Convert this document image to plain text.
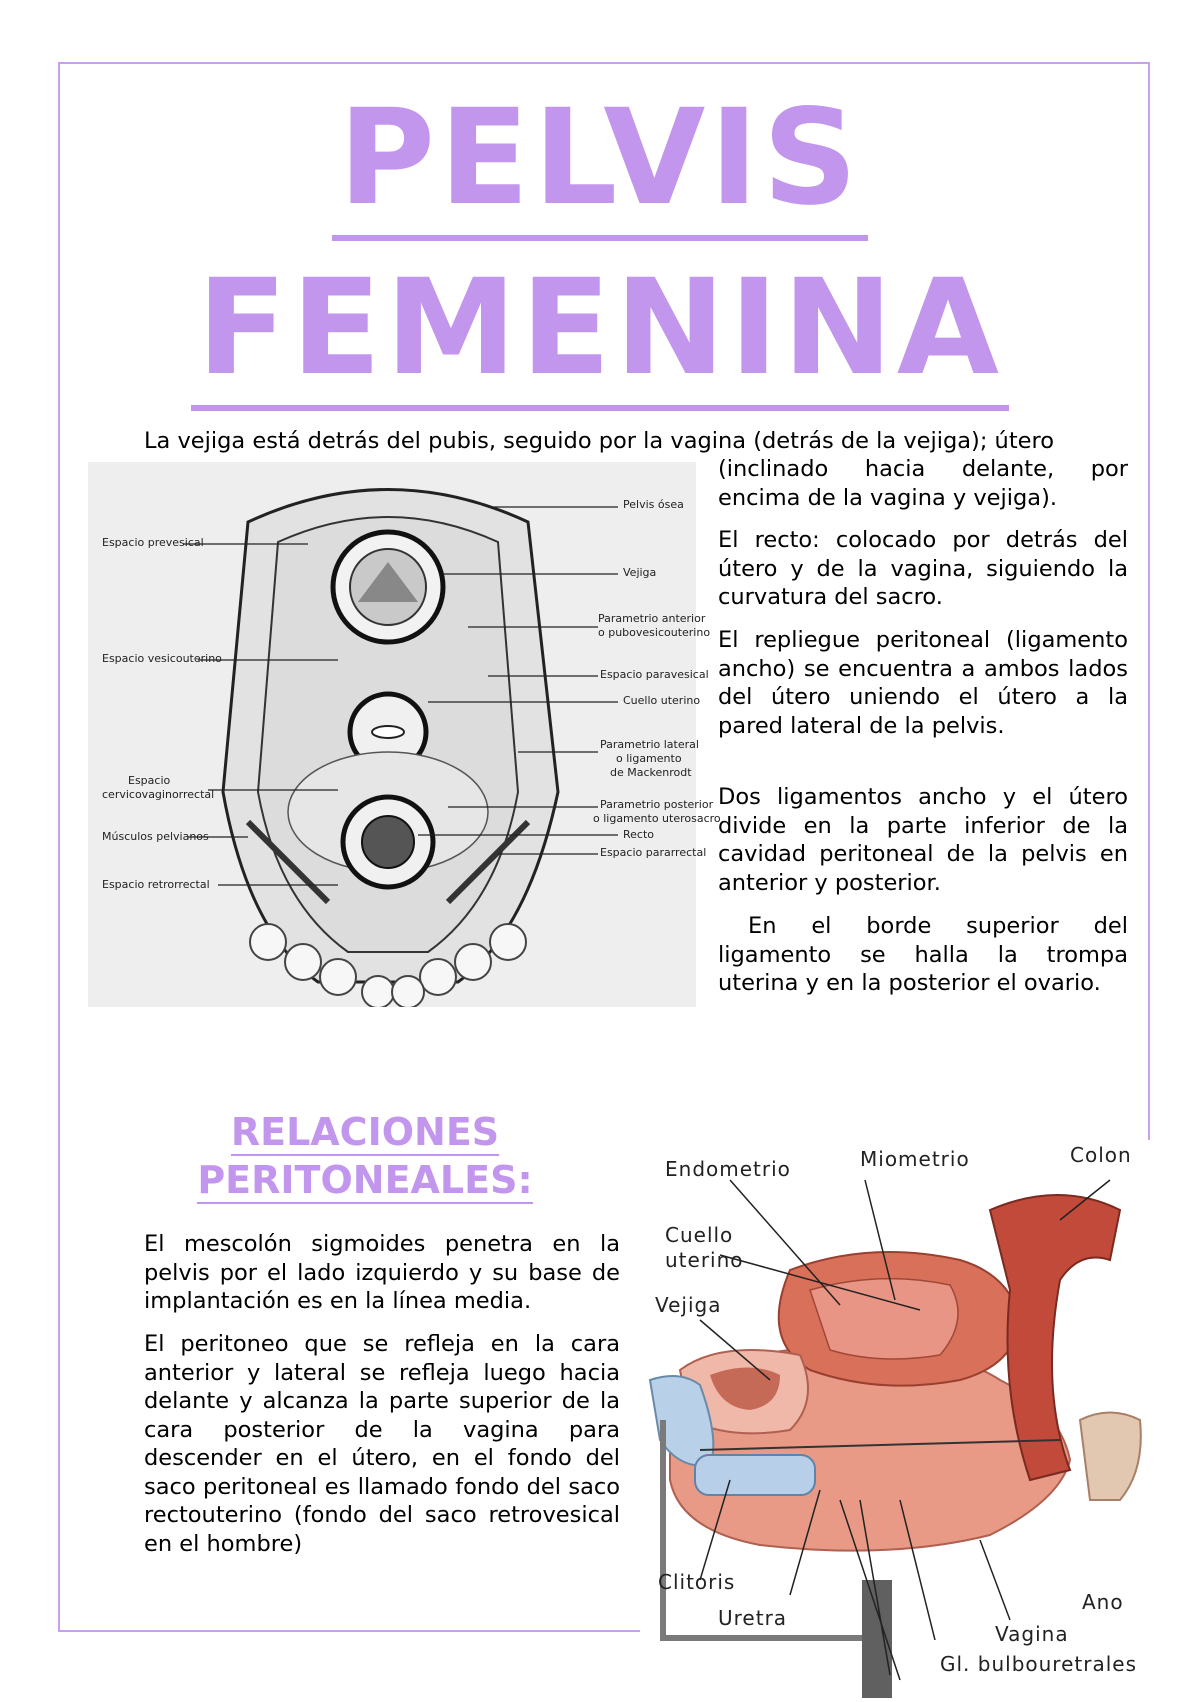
PELVIS
FEMENINA

La vejiga está detrás del pubis, seguido por la vagina (detrás de la vejiga); útero

(inclinado hacia delante, por

encima de la vagina y vejiga).

El recto: colocado por detrás del útero y de la vagina, siguiendo la curvatura del sacro.

El repliegue peritoneal (ligamento ancho) se encuentra a ambos lados del útero uniendo el útero a la pared lateral de la pelvis.

Dos ligamentos ancho y el útero divide en la parte inferior de la cavidad peritoneal de la pelvis en anterior y posterior.

En el borde superior del ligamento se halla la trompa uterina y en la posterior el ovario.

Pelvis ósea
Espacio prevesical
Vejiga
Parametrio anterior
o pubovesicouterino
Espacio vesicouterino
Espacio paravesical
Cuello uterino
Parametrio lateral
o ligamento
de Mackenrodt
Espacio
cervicovaginorrectal
Parametrio posterior
o ligamento uterosacro
Recto
Músculos pelvianos
Espacio pararrectal
Espacio retrorrectal
RELACIONES
PERITONEALES:

El mescolón sigmoides penetra en la pelvis por el lado izquierdo y su base de implantación es en la línea media.

El peritoneo que se refleja en la cara anterior y lateral se refleja luego hacia delante y alcanza la parte superior de la cara posterior de la vagina para descender en el útero, en el fondo del saco peritoneal es llamado fondo del saco rectouterino (fondo del saco retrovesical en el hombre)

Endometrio	Miometrio	Colon
Cuello
uterino
Vejiga
Clitoris
Uretra
Ano
Vagina
Gl. bulbouretrales
